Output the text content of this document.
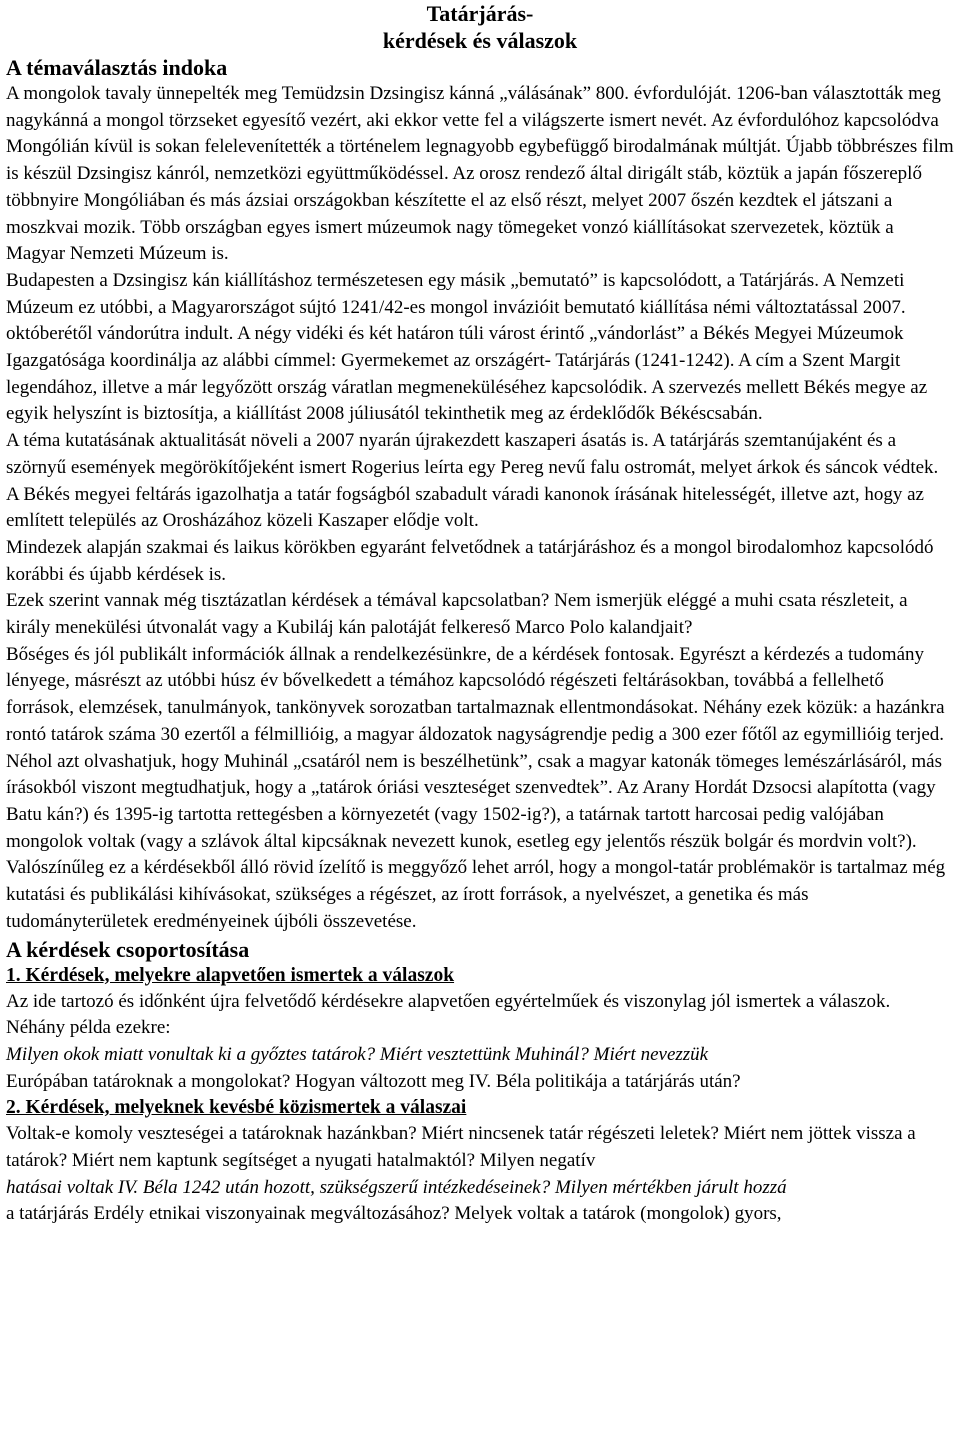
Tatárjárás-
kérdések és válaszok
A témaválasztás indoka

A mongolok tavaly ünnepelték meg Temüdzsin Dzsingisz kánná „válásának” 800. évfordulóját. 1206-ban választották meg nagykánná a mongol törzseket egyesítő vezért, aki ekkor vette fel a világszerte ismert nevét. Az évfordulóhoz kapcsolódva Mongólián kívül is sokan felelevenítették a történelem legnagyobb egybefüggő birodalmának múltját. Újabb többrészes film is készül Dzsingisz kánról, nemzetközi együttműködéssel. Az orosz rendező által dirigált stáb, köztük a japán főszereplő többnyire Mongóliában és más ázsiai országokban készítette el az első részt, melyet 2007 őszén kezdtek el játszani a moszkvai mozik. Több országban egyes ismert múzeumok nagy tömegeket vonzó kiállításokat szervezetek, köztük a Magyar Nemzeti Múzeum is.

Budapesten a Dzsingisz kán kiállításhoz természetesen egy másik „bemutató” is kapcsolódott, a Tatárjárás. A Nemzeti Múzeum ez utóbbi, a Magyarországot sújtó 1241/42-es mongol invázióit bemutató kiállítása némi változtatással 2007. októberétől vándorútra indult. A négy vidéki és két határon túli várost érintő „vándorlást” a Békés Megyei Múzeumok Igazgatósága koordinálja az alábbi címmel: Gyermekemet az országért- Tatárjárás (1241-1242). A cím a Szent Margit legendához, illetve a már legyőzött ország váratlan megmeneküléséhez kapcsolódik. A szervezés mellett Békés megye az egyik helyszínt is biztosítja, a kiállítást 2008 júliusától tekinthetik meg az érdeklődők Békéscsabán.

A téma kutatásának aktualitását növeli a 2007 nyarán újrakezdett kaszaperi ásatás is. A tatárjárás szemtanújaként és a szörnyű események megörökítőjeként ismert Rogerius leírta egy Pereg nevű falu ostromát, melyet árkok és sáncok védtek. A Békés megyei feltárás igazolhatja a tatár fogságból szabadult váradi kanonok írásának hitelességét, illetve azt, hogy az említett település az Orosházához közeli Kaszaper elődje volt.

Mindezek alapján szakmai és laikus körökben egyaránt felvetődnek a tatárjáráshoz és a mongol birodalomhoz kapcsolódó korábbi és újabb kérdések is.

Ezek szerint vannak még tisztázatlan kérdések a témával kapcsolatban? Nem ismerjük eléggé a muhi csata részleteit, a király menekülési útvonalát vagy a Kubiláj kán palotáját felkereső Marco Polo kalandjait?

Bőséges és jól publikált információk állnak a rendelkezésünkre, de a kérdések fontosak. Egyrészt a kérdezés a tudomány lényege, másrészt az utóbbi húsz év bővelkedett a témához kapcsolódó régészeti feltárásokban, továbbá a fellelhető források, elemzések, tanulmányok, tankönyvek sorozatban tartalmaznak ellentmondásokat. Néhány ezek közük: a hazánkra rontó tatárok száma 30 ezertől a félmillióig, a magyar áldozatok nagyságrendje pedig a 300 ezer főtől az egymillióig terjed. Néhol azt olvashatjuk, hogy Muhinál „csatáról nem is beszélhetünk”, csak a magyar katonák tömeges lemészárlásáról, más írásokból viszont megtudhatjuk, hogy a „tatárok óriási veszteséget szenvedtek”. Az Arany Hordát Dzsocsi alapította (vagy Batu kán?) és 1395-ig tartotta rettegésben a környezetét (vagy 1502-ig?), a tatárnak tartott harcosai pedig valójában mongolok voltak (vagy a szlávok által kipcsáknak nevezett kunok, esetleg egy jelentős részük bolgár és mordvin volt?).

Valószínűleg ez a kérdésekből álló rövid ízelítő is meggyőző lehet arról, hogy a mongol-tatár problémakör is tartalmaz még kutatási és publikálási kihívásokat, szükséges a régészet, az írott források, a nyelvészet, a genetika és más tudományterületek eredményeinek újbóli összevetése.

A kérdések csoportosítása

1. Kérdések, melyekre alapvetően ismertek a válaszok

Az ide tartozó és időnként újra felvetődő kérdésekre alapvetően egyértelműek és viszonylag jól ismertek a válaszok. Néhány példa ezekre:

Milyen okok miatt vonultak ki a győztes tatárok? Miért vesztettünk Muhinál? Miért nevezzük

Európában tatároknak a mongolokat? Hogyan változott meg IV. Béla politikája a tatárjárás után?

2. Kérdések, melyeknek kevésbé közismertek a válaszai

Voltak-e komoly veszteségei a tatároknak hazánkban? Miért nincsenek tatár régészeti leletek? Miért nem jöttek vissza a tatárok? Miért nem kaptunk segítséget a nyugati hatalmaktól? Milyen negatív

hatásai voltak IV. Béla 1242 után hozott, szükségszerű intézkedéseinek? Milyen mértékben járult hozzá

a tatárjárás Erdély etnikai viszonyainak megváltozásához? Melyek voltak a tatárok (mongolok) gyors,
